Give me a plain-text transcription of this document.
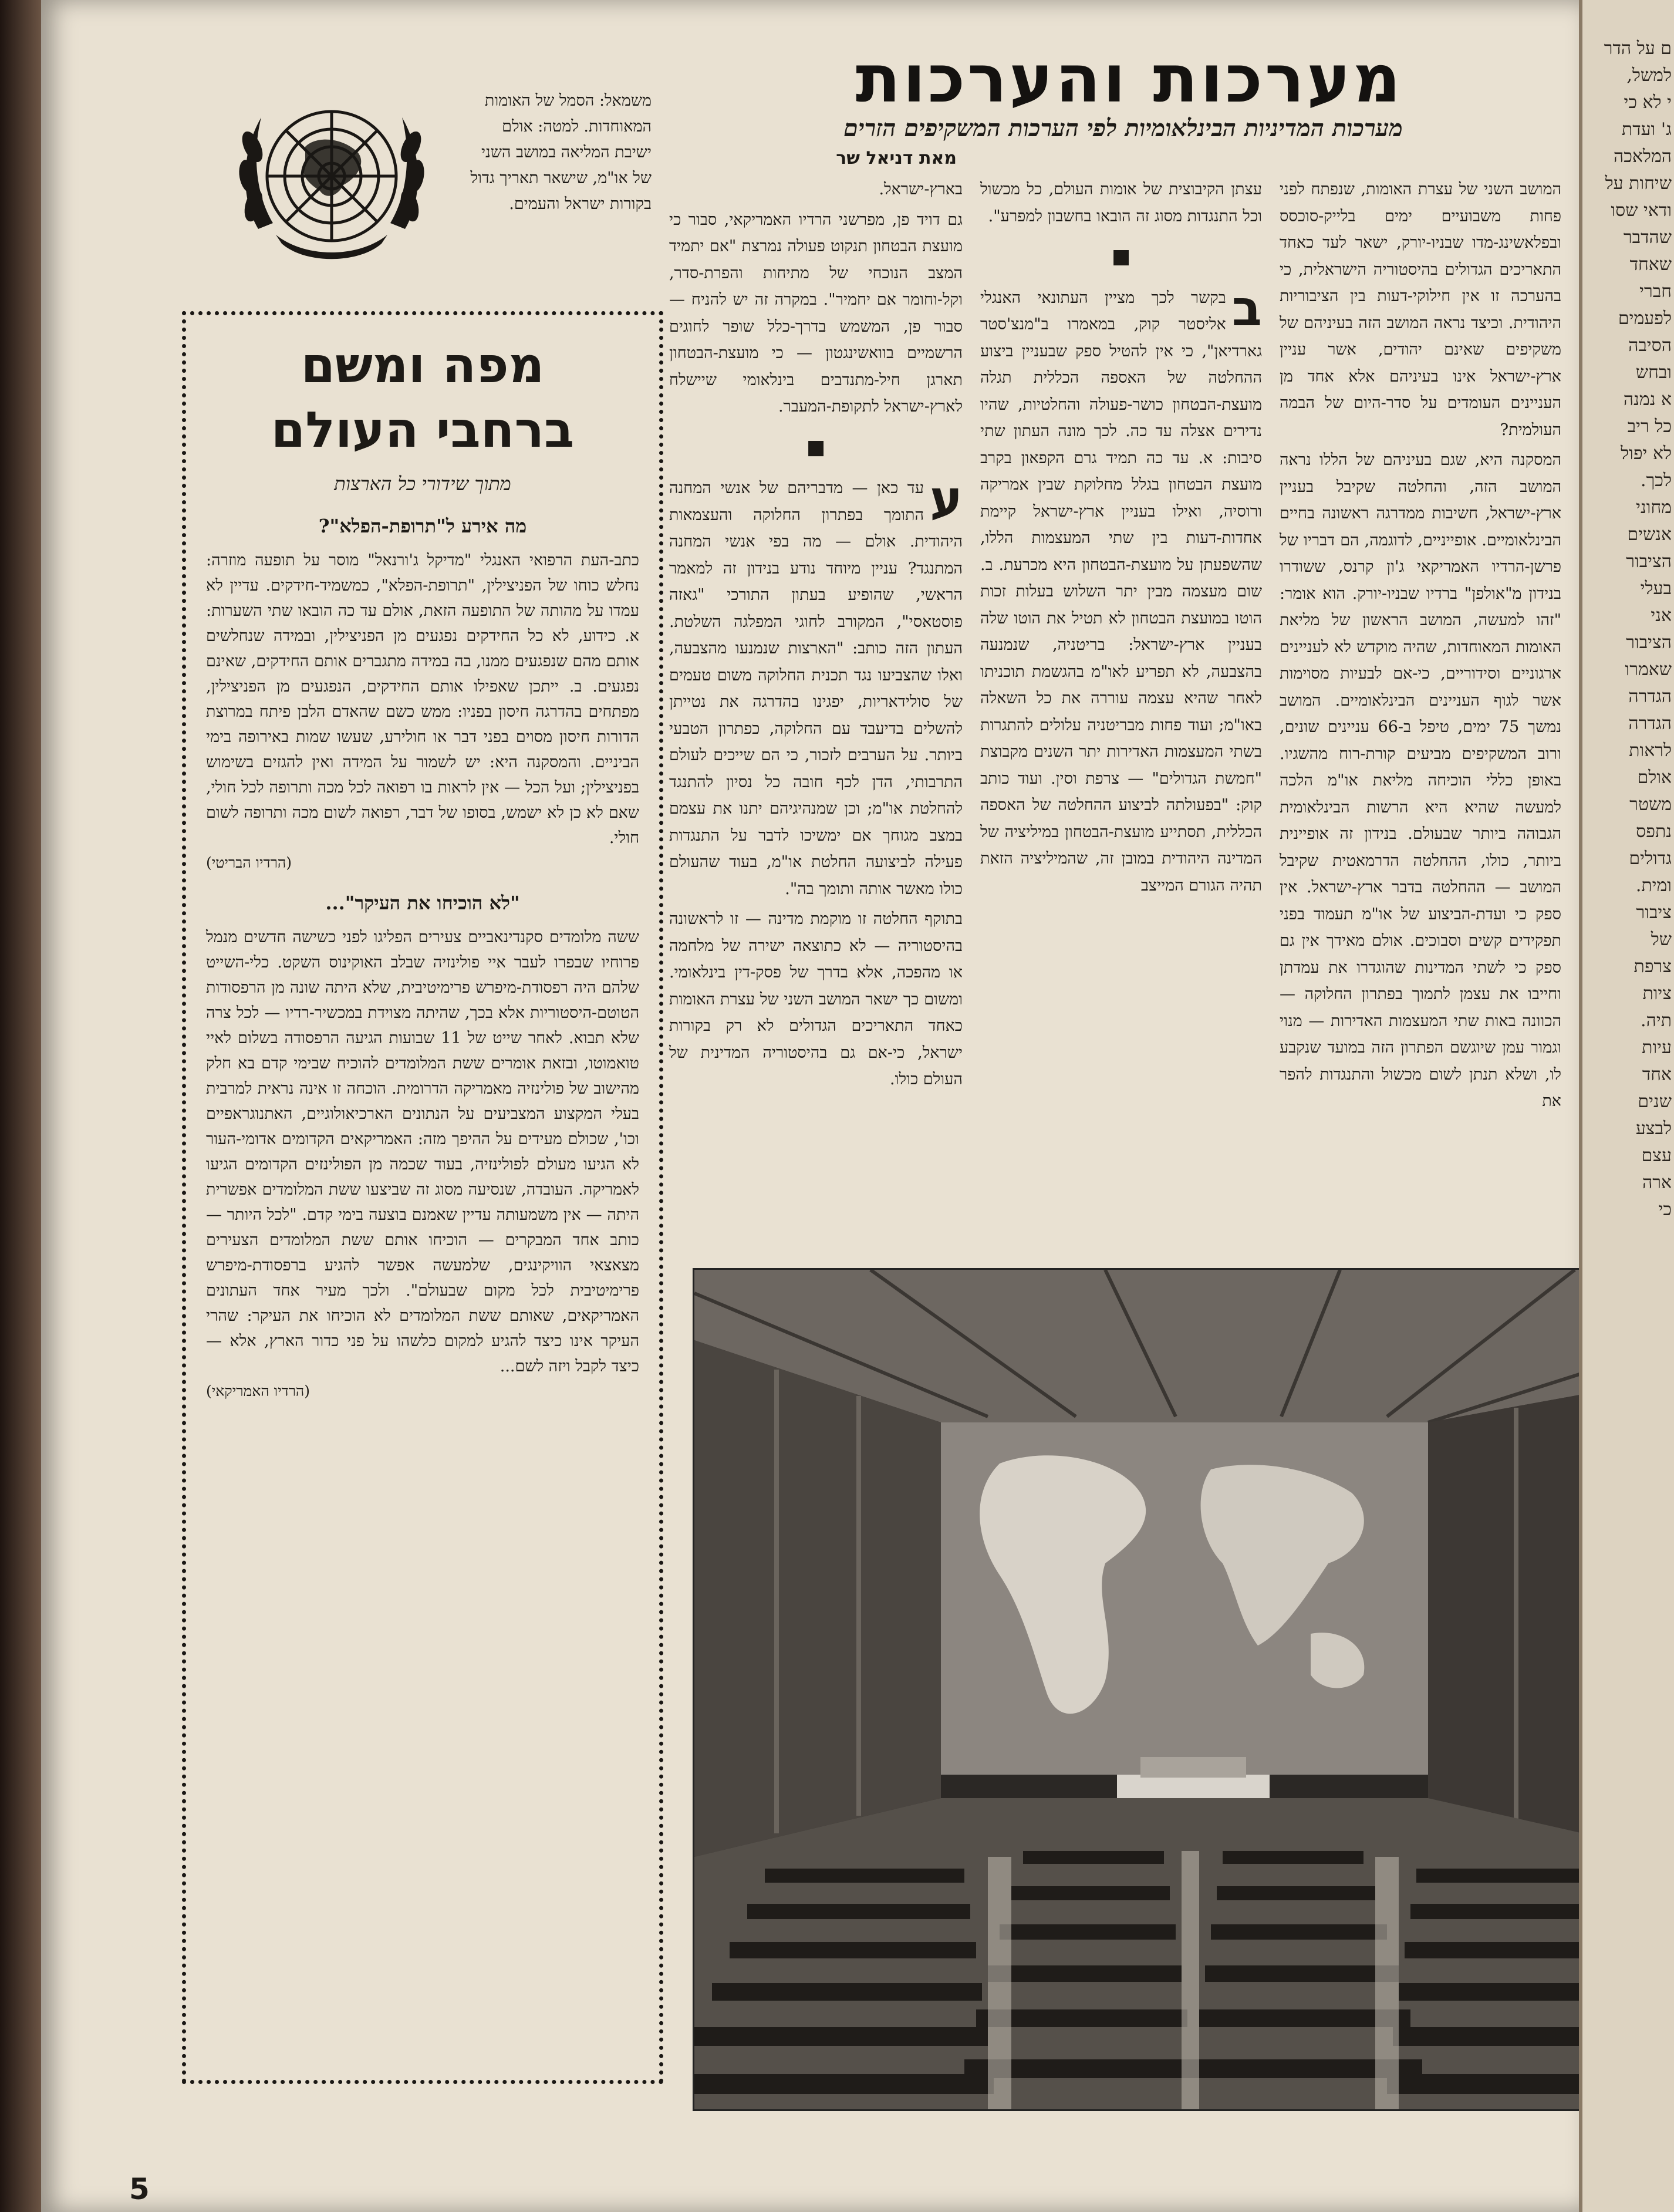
מערכות והערכות
מערכות המדיניות הבינלאומיות לפי הערכות המשקיפים הזרים
מאת דניאל שר
משמאל: הסמל של האומות המאוחדות. למטה: אולם ישיבת המליאה במושב השני של או"מ, שישאר תאריך גדול בקורות ישראל והעמים.
מפה ומשם
ברחבי העולם
מתוך שידורי כל הארצות
מה אירע ל"תרופת-הפלא"?
כתב-העת הרפואי האנגלי "מדיקל ג'ורנאל" מוסר על תופעה מוזרה: נחלש כוחו של הפניצילין, "תרופת-הפלא", כמשמיד-חידקים. עדיין לא עמדו על מהותה של התופעה הזאת, אולם עד כה הובאו שתי השערות: א. כידוע, לא כל החידקים נפגעים מן הפניצילין, ובמידה שנחלשים אותם מהם שנפגעים ממנו, בה במידה מתגברים אותם החידקים, שאינם נפגעים. ב. ייתכן שאפילו אותם החידקים, הנפגעים מן הפניצילין, מפתחים בהדרגה חיסון בפניו: ממש כשם שהאדם הלבן פיתח במרוצת הדורות חיסון מסוים בפני דבר או חולירע, שעשו שמות באירופה בימי הביניים. והמסקנה היא: יש לשמור על המידה ואין להגזים בשימוש בפניצילין; ועל הכל — אין לראות בו רפואה לכל מכה ותרופה לכל חולי, שאם לא כן לא ישמש, בסופו של דבר, רפואה לשום מכה ותרופה לשום חולי.
(הרדיו הבריטי)
"לא הוכיחו את העיקר"...
ששה מלומדים סקנדינאביים צעירים הפליגו לפני כשישה חדשים מנמל פרוחיו שבפרו לעבר איי פולינזיה שבלב האוקינוס השקט. כלי-השייט שלהם היה רפסודת-מיפרש פרימיטיבית, שלא היתה שונה מן הרפסודות הטוטם-היסטוריות אלא בכך, שהיתה מצוידת במכשיר-רדיו — לכל צרה שלא תבוא. לאחר שייט של 11 שבועות הגיעה הרפסודה בשלום לאיי טואמוטו, ובזאת אומרים ששת המלומדים להוכיח שבימי קדם בא חלק מהישוב של פולינזיה מאמריקה הדרומית. הוכחה זו אינה נראית למרבית בעלי המקצוע המצביעים על הנתונים הארכיאולוגיים, האתנוגראפיים וכו', שכולם מעידים על ההיפך מזה: האמריקאים הקדומים אדומי-העור לא הגיעו מעולם לפולינזיה, בעוד שכמה מן הפולינזים הקדומים הגיעו לאמריקה. העובדה, שנסיעה מסוג זה שביצעו ששת המלומדים אפשרית היתה — אין משמעותה עדיין שאמנם בוצעה בימי קדם. "לכל היותר — כותב אחד המבקרים — הוכיחו אותם ששת המלומדים הצעירים מצאצאי הוויקינגים, שלמעשה אפשר להגיע ברפסודת-מיפרש פרימיטיבית לכל מקום שבעולם". ולכך מעיר אחד העתונים האמריקאים, שאותם ששת המלומדים לא הוכיחו את העיקר: שהרי העיקר אינו כיצד להגיע למקום כלשהו על פני כדור הארץ, אלא — כיצד לקבל ויזה לשם...
(הרדיו האמריקאי)

המושב השני של עצרת האומות, שנפתח לפני פחות משבועיים ימים בלייק-סוכסס ובפלאשינג-מדו שבניו-יורק, ישאר לעד כאחד התאריכים הגדולים בהיסטוריה הישראלית, כי בהערכה זו אין חילוקי-דעות בין הציבוריות היהודית. וכיצד נראה המושב הזה בעיניהם של משקיפים שאינם יהודים, אשר עניין ארץ-ישראל אינו בעיניהם אלא אחד מן העניינים העומדים על סדר-היום של הבמה העולמית?

המסקנה היא, שגם בעיניהם של הללו נראה המושב הזה, והחלטה שקיבל בעניין ארץ-ישראל, חשיבות ממדרגה ראשונה בחיים הבינלאומיים. אופייניים, לדוגמה, הם דבריו של פרשן-הרדיו האמריקאי ג'ון קרנס, ששודרו בנידון מ"אולפן" ברדיו שבניו-יורק. הוא אומר: "זהו למעשה, המושב הראשון של מליאת האומות המאוחדות, שהיה מוקדש לא לעניינים ארגוניים וסידוריים, כי-אם לבעיות מסוימות אשר לגוף העניינים הבינלאומיים. המושב נמשך 75 ימים, טיפל ב-66 עניינים שונים, ורוב המשקיפים מביעים קורת-רוח מהשגיו. באופן כללי הוכיחה מליאת או"מ הלכה למעשה שהיא היא הרשות הבינלאומית הגבוהה ביותר שבעולם. בנידון זה אופיינית ביותר, כולו, ההחלטה הדרמאטית שקיבל המושב — ההחלטה בדבר ארץ-ישראל. אין ספק כי ועדת-הביצוע של או"מ תעמוד בפני תפקידים קשים וסבוכים. אולם מאידך אין גם ספק כי לשתי המדינות שהוגדרו את עמדתן וחייבו את עצמן לתמוך בפתרון החלוקה — הכוונה באות שתי המעצמות האדירות — מנוי וגמור עמן שיוגשם הפתרון הזה במועד שנקבע לו, ושלא תנתן לשום מכשול והתנגדות להפר את

עצתן הקיבוצית של אומות העולם, כל מכשול וכל התנגדות מסוג זה הובאו בחשבון למפרע".

■

ב
בקשר לכך מציין העתונאי האנגלי אליסטר קוק, במאמרו ב"מנצ'סטר גארדיאן", כי אין להטיל ספק שבעניין ביצוע ההחלטה של האספה הכללית תגלה מועצת-הבטחון כושר-פעולה והחלטיות, שהיו נדירים אצלה עד כה. לכך מונה העתון שתי סיבות: א. עד כה תמיד גרם הקפאון בקרב מועצת הבטחון בגלל מחלוקת שבין אמריקה ורוסיה, ואילו בעניין ארץ-ישראל קיימת אחדות-דעות בין שתי המעצמות הללו, שהשפעתן על מועצת-הבטחון היא מכרעת. ב. שום מעצמה מבין יתר השלוש בעלות זכות הוטו במועצת הבטחון לא תטיל את הוטו שלה בעניין ארץ-ישראל: בריטניה, שנמנעה בהצבעה, לא תפריע לאו"מ בהגשמת תוכניתו לאחר שהיא עצמה עוררה את כל השאלה באו"מ; ועוד פחות מבריטניה עלולים להתגרות בשתי המעצמות האדירות יתר השנים מקבוצת "חמשת הגדולים" — צרפת וסין. ועוד כותב קוק: "בפעולתה לביצוע ההחלטה של האספה הכללית, תסתייע מועצת-הבטחון במיליציה של המדינה היהודית במובן זה, שהמיליציה הזאת תהיה הגורם המייצב

בארץ-ישראל.

גם דויד פן, מפרשני הרדיו האמריקאי, סבור כי מועצת הבטחון תנקוט פעולה נמרצת "אם יתמיד המצב הנוכחי של מתיחות והפרת-סדר, וקל-וחומר אם יחמיר". במקרה זה יש להניח — סבור פן, המשמש בדרך-כלל שופר לחוגים הרשמיים בוואשינגטון — כי מועצת-הבטחון תארגן חיל-מתנדבים בינלאומי שיישלח לארץ-ישראל לתקופת-המעבר.

■

ע
עד כאן — מדבריהם של אנשי המחנה התומך בפתרון החלוקה והעצמאות היהודית. אולם — מה בפי אנשי המחנה המתנגד? עניין מיוחד נודע בנידון זה למאמר הראשי, שהופיע בעתון התורכי "גאזה פוסטאסי", המקורב לחוגי המפלגה השלטת. העתון הזה כותב: "הארצות שנמנעו מהצבעה, ואלו שהצביעו נגד תכנית החלוקה משום טעמים של סולידאריות, יפגינו בהדרגה את נטייתן להשלים בדיעבד עם החלוקה, כפתרון הטבעי ביותר. על הערבים לזכור, כי הם שייכים לעולם התרבותי, הדן לכף חובה כל נסיון להתנגד להחלטת או"מ; וכן שמנהיגיהם יתנו את עצמם במצב מגוחך אם ימשיכו לדבר על התנגדות פעילה לביצועה החלטת או"מ, בעוד שהעולם כולו מאשר אותה ותומך בה".

בתוקף החלטה זו מוקמת מדינה — זו לראשונה בהיסטוריה — לא כתוצאה ישירה של מלחמה או מהפכה, אלא בדרך של פסק-דין בינלאומי. ומשום כך ישאר המושב השני של עצרת האומות כאחד התאריכים הגדולים לא רק בקורות ישראל, כי-אם גם בהיסטוריה המדינית של העולם כולו.

5
ם על הדר
למשל,
י לא כי
ג' ועדת
המלאכה
שיחות על
ודאי שסו
שהדבר
שאחד
חברי
לפעמים
הסיבה
ובחש
א נמנה
כל ריב
לא יפול
לכך.
מחוני
אנשים
הציבור
בעלי
אני
הציבור
שאמרו
הגדרה
הגדרה
לראות
אולם
משטר
נתפס
גדולים
ומית.
ציבור
של
צרפת
ציות
תיה.
עיות
אחד
שנים
לבצע
עצם
ארה
כי
